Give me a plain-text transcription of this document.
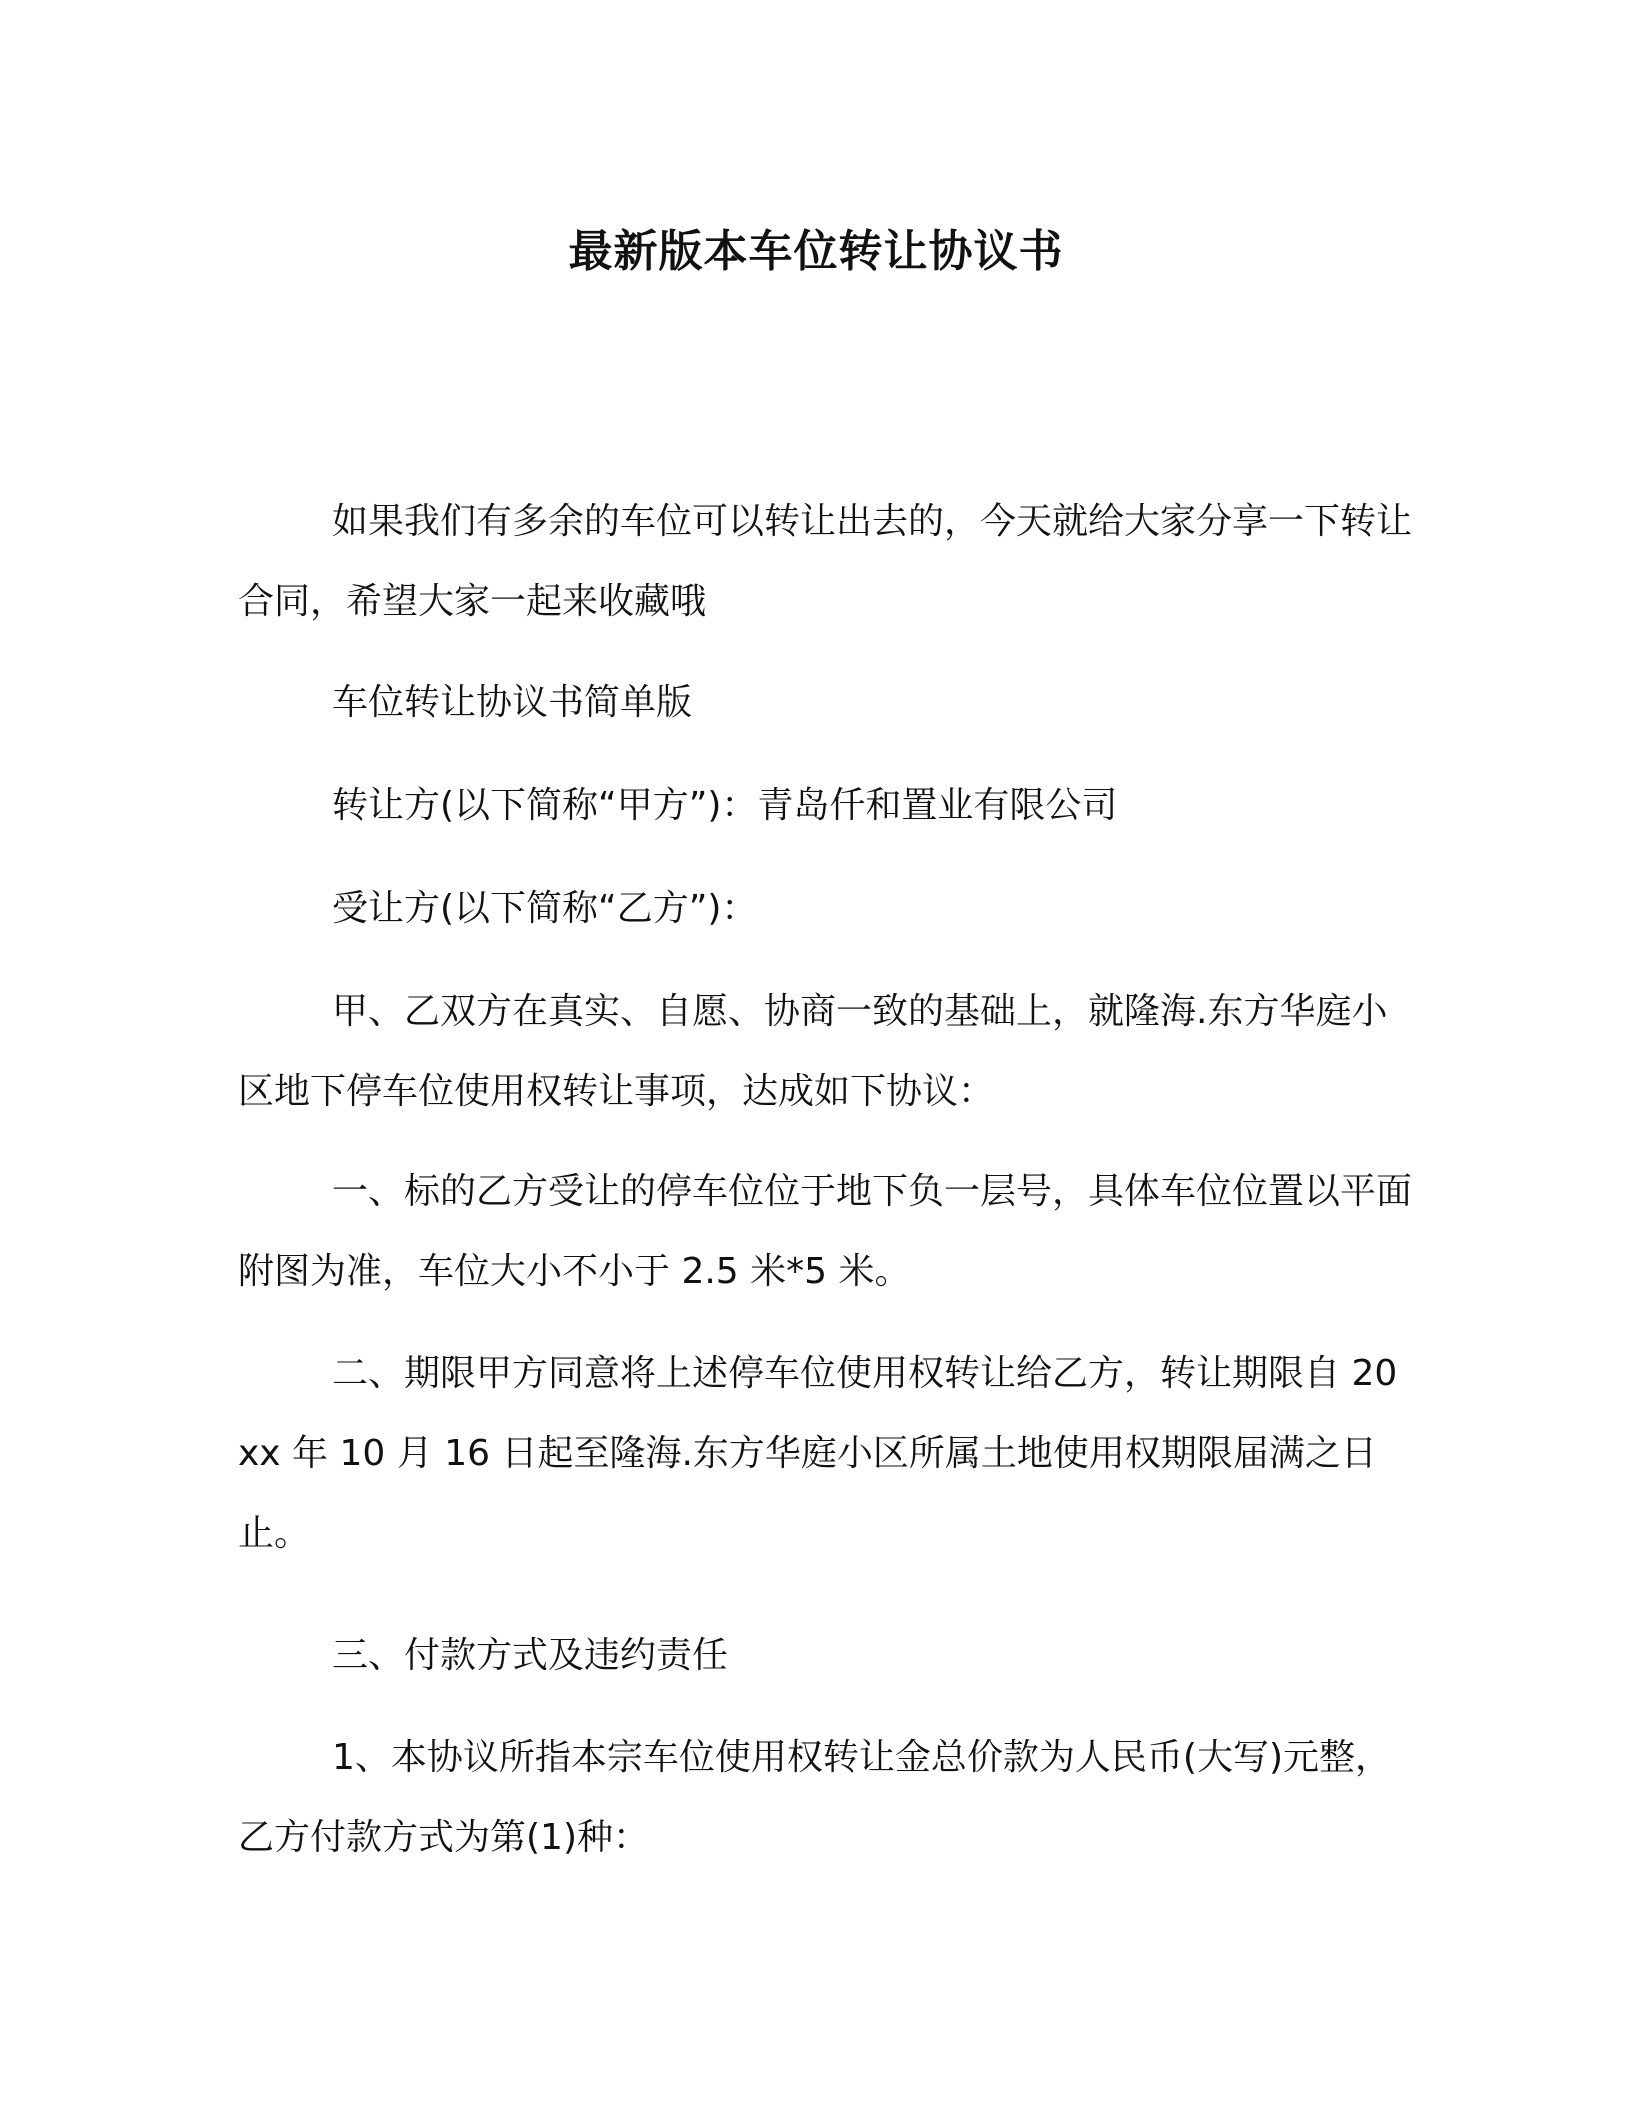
最新版本车位转让协议书

如果我们有多余的车位可以转让出去的，今天就给大家分享一下转让合同，希望大家一起来收藏哦

车位转让协议书简单版

转让方(以下简称“甲方”)：青岛仟和置业有限公司

受让方(以下简称“乙方”)：

甲、乙双方在真实、自愿、协商一致的基础上，就隆海.东方华庭小区地下停车位使用权转让事项，达成如下协议：

一、标的乙方受让的停车位位于地下负一层号，具体车位位置以平面附图为准，车位大小不小于 2.5 米*5 米。

二、期限甲方同意将上述停车位使用权转让给乙方，转让期限自 20xx 年 10 月 16 日起至隆海.东方华庭小区所属土地使用权期限届满之日止。

三、付款方式及违约责任

1、本协议所指本宗车位使用权转让金总价款为人民币(大写)元整，乙方付款方式为第(1)种：
